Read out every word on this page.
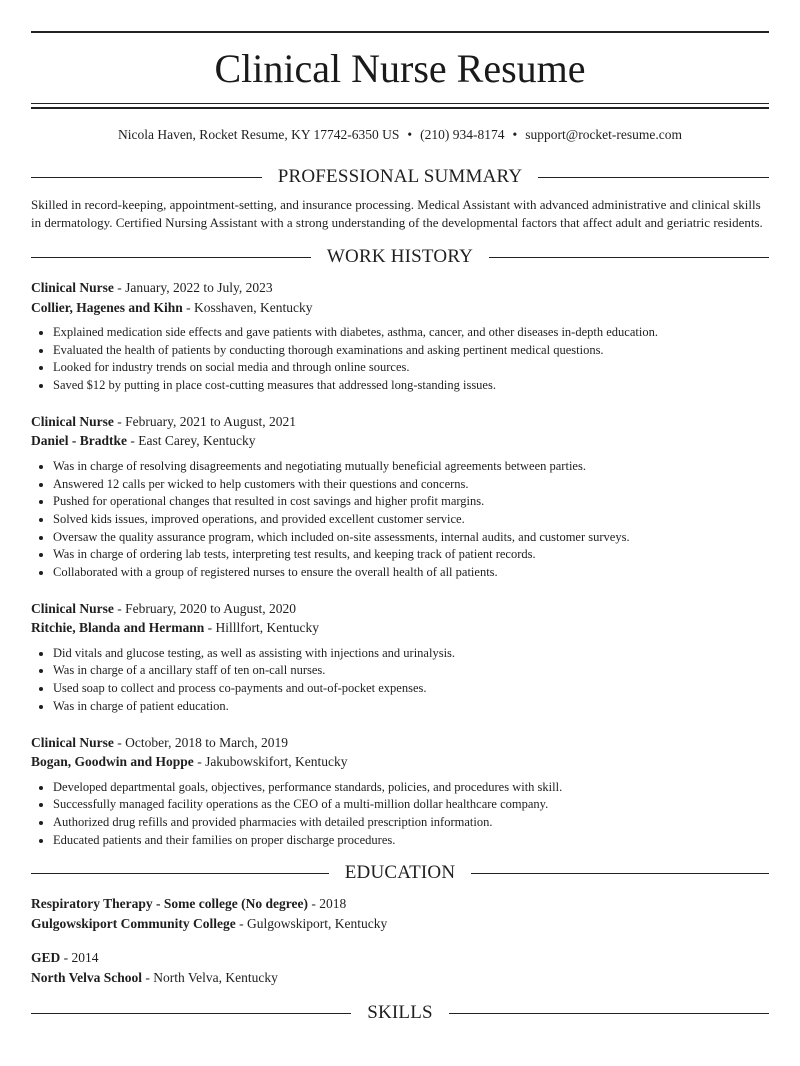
Clinical Nurse Resume
Nicola Haven, Rocket Resume, KY 17742-6350 US • (210) 934-8174 • support@rocket-resume.com
PROFESSIONAL SUMMARY

Skilled in record-keeping, appointment-setting, and insurance processing. Medical Assistant with advanced administrative and clinical skills in dermatology. Certified Nursing Assistant with a strong understanding of the developmental factors that affect adult and geriatric residents.

WORK HISTORY
Clinical Nurse - January, 2022 to July, 2023
Collier, Hagenes and Kihn - Kosshaven, Kentucky
• Explained medication side effects and gave patients with diabetes, asthma, cancer, and other diseases in-depth education.
• Evaluated the health of patients by conducting thorough examinations and asking pertinent medical questions.
• Looked for industry trends on social media and through online sources.
• Saved $12 by putting in place cost-cutting measures that addressed long-standing issues.
Clinical Nurse - February, 2021 to August, 2021
Daniel - Bradtke - East Carey, Kentucky
• Was in charge of resolving disagreements and negotiating mutually beneficial agreements between parties.
• Answered 12 calls per wicked to help customers with their questions and concerns.
• Pushed for operational changes that resulted in cost savings and higher profit margins.
• Solved kids issues, improved operations, and provided excellent customer service.
• Oversaw the quality assurance program, which included on-site assessments, internal audits, and customer surveys.
• Was in charge of ordering lab tests, interpreting test results, and keeping track of patient records.
• Collaborated with a group of registered nurses to ensure the overall health of all patients.
Clinical Nurse - February, 2020 to August, 2020
Ritchie, Blanda and Hermann - Hilllfort, Kentucky
• Did vitals and glucose testing, as well as assisting with injections and urinalysis.
• Was in charge of a ancillary staff of ten on-call nurses.
• Used soap to collect and process co-payments and out-of-pocket expenses.
• Was in charge of patient education.
Clinical Nurse - October, 2018 to March, 2019
Bogan, Goodwin and Hoppe - Jakubowskifort, Kentucky
• Developed departmental goals, objectives, performance standards, policies, and procedures with skill.
• Successfully managed facility operations as the CEO of a multi-million dollar healthcare company.
• Authorized drug refills and provided pharmacies with detailed prescription information.
• Educated patients and their families on proper discharge procedures.
EDUCATION
Respiratory Therapy - Some college (No degree) - 2018
Gulgowskiport Community College - Gulgowskiport, Kentucky
GED - 2014
North Velva School - North Velva, Kentucky
SKILLS
